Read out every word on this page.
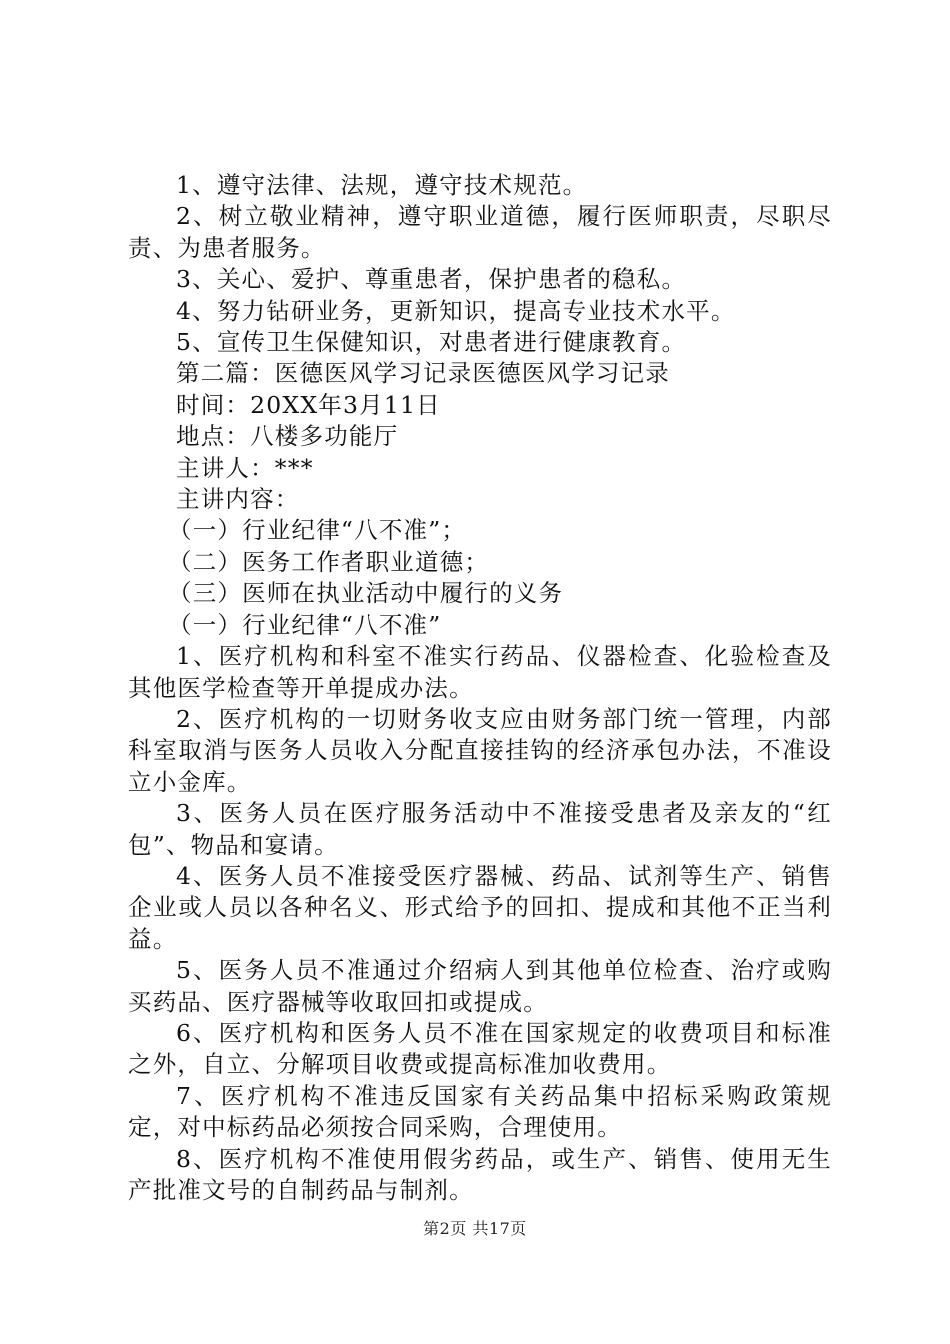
1、遵守法律、法规，遵守技术规范。

2、树立敬业精神，遵守职业道德，履行医师职责，尽职尽责、为患者服务。

3、关心、爱护、尊重患者，保护患者的稳私。

4、努力钻研业务，更新知识，提高专业技术水平。

5、宣传卫生保健知识，对患者进行健康教育。

第二篇：医德医风学习记录医德医风学习记录

时间：20XX年3月11日

地点：八楼多功能厅

主讲人：***

主讲内容：

（一）行业纪律“八不准”；

（二）医务工作者职业道德；

（三）医师在执业活动中履行的义务

（一）行业纪律“八不准”

1、医疗机构和科室不准实行药品、仪器检查、化验检查及其他医学检查等开单提成办法。

2、医疗机构的一切财务收支应由财务部门统一管理，内部科室取消与医务人员收入分配直接挂钩的经济承包办法，不准设立小金库。

3、医务人员在医疗服务活动中不准接受患者及亲友的“红包”、物品和宴请。

4、医务人员不准接受医疗器械、药品、试剂等生产、销售企业或人员以各种名义、形式给予的回扣、提成和其他不正当利益。

5、医务人员不准通过介绍病人到其他单位检查、治疗或购买药品、医疗器械等收取回扣或提成。

6、医疗机构和医务人员不准在国家规定的收费项目和标准之外，自立、分解项目收费或提高标准加收费用。

7、医疗机构不准违反国家有关药品集中招标采购政策规定，对中标药品必须按合同采购，合理使用。

8、医疗机构不准使用假劣药品，或生产、销售、使用无生产批准文号的自制药品与制剂。

第2页 共17页
